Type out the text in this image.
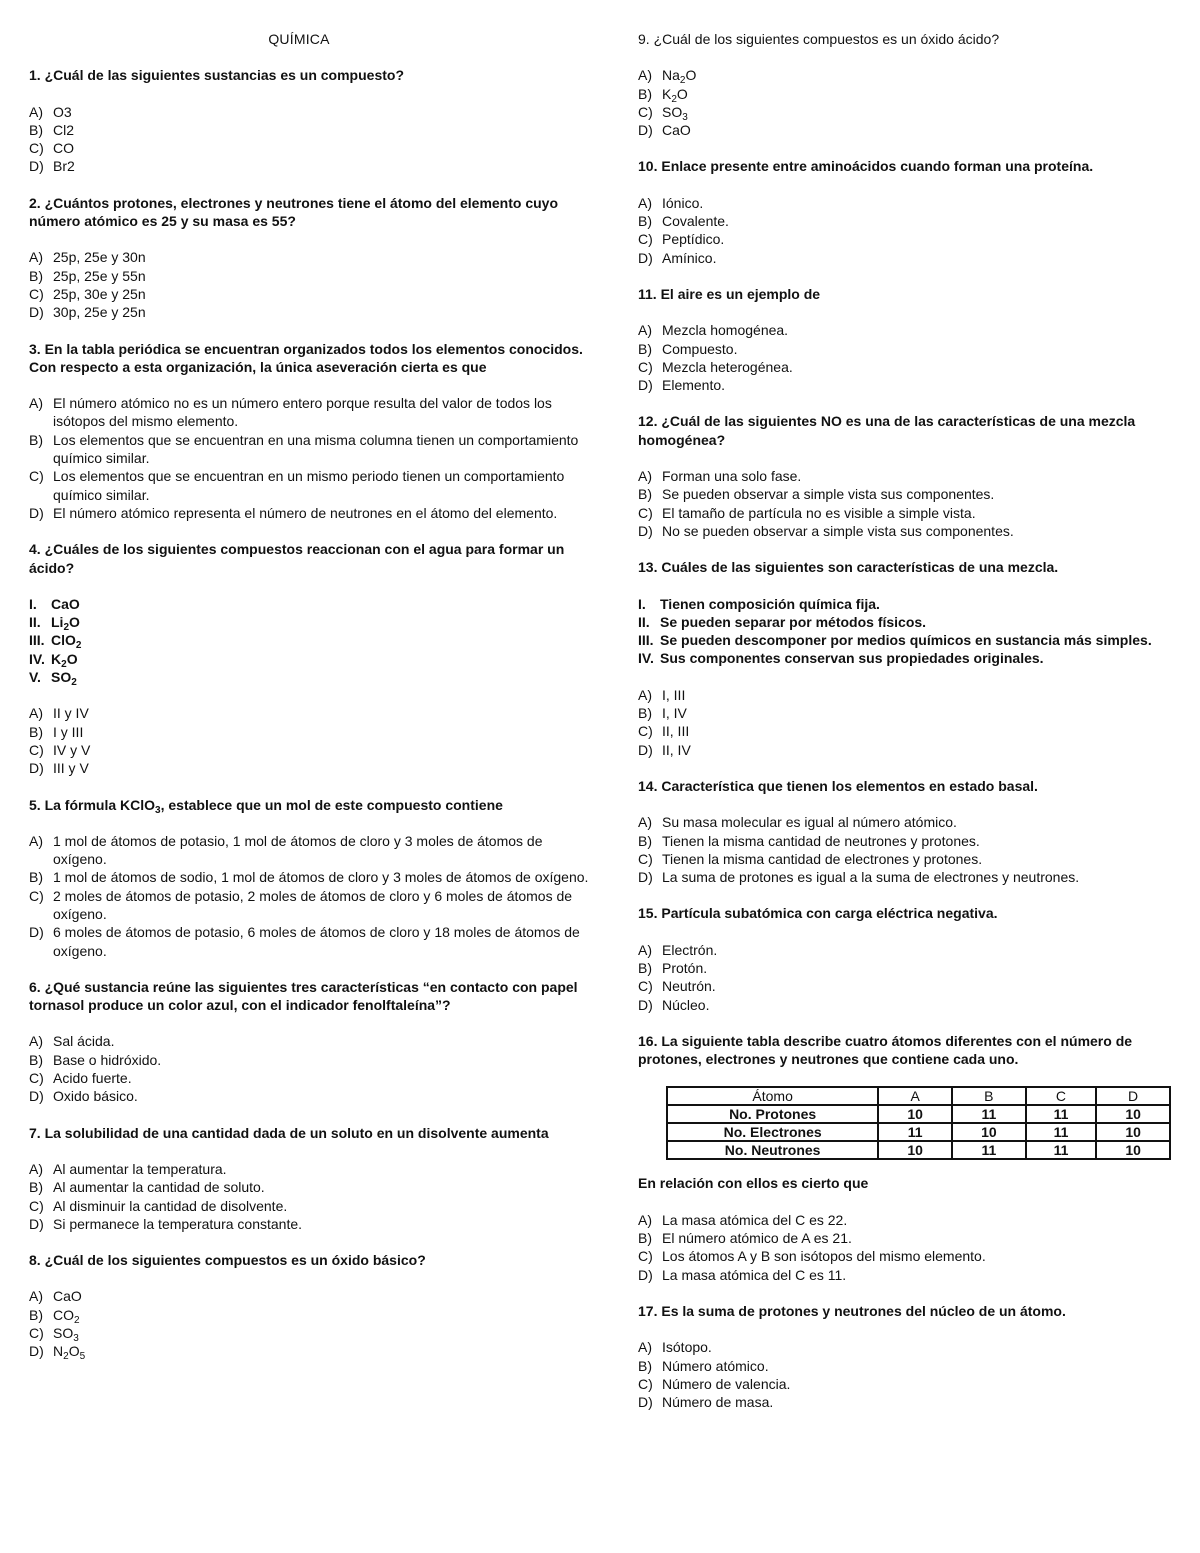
QUÍMICA
1. ¿Cuál de las siguientes sustancias es un compuesto?
A) O3
B) Cl2
C) CO
D) Br2
2. ¿Cuántos protones, electrones y neutrones tiene el átomo del elemento cuyo número atómico es 25 y su masa es 55?
A) 25p, 25e y 30n
B) 25p, 25e y 55n
C) 25p, 30e y 25n
D) 30p, 25e y 25n
3. En la tabla periódica se encuentran organizados todos los elementos conocidos. Con respecto a esta organización, la única aseveración cierta es que
A) El número atómico no es un número entero porque resulta del valor de todos los isótopos del mismo elemento.
B) Los elementos que se encuentran en una misma columna tienen un comportamiento químico similar.
C) Los elementos que se encuentran en un mismo periodo tienen un comportamiento químico similar.
D) El número atómico representa el número de neutrones en el átomo del elemento.
4. ¿Cuáles de los siguientes compuestos reaccionan con el agua para formar un ácido?
I. CaO
II. $Li_2O$
III. ClO$_2$
IV. $K_2O$
V. $SO_2$
A) II y IV
B) I y III
C) IV y V
D) III y V
5. La fórmula KClO$_3$, establece que un mol de este compuesto contiene
A) 1 mol de átomos de potasio, 1 mol de átomos de cloro y 3 moles de átomos de oxígeno.
B) 1 mol de átomos de sodio, 1 mol de átomos de cloro y 3 moles de átomos de oxígeno.
C) 2 moles de átomos de potasio, 2 moles de átomos de cloro y 6 moles de átomos de oxígeno.
D) 6 moles de átomos de potasio, 6 moles de átomos de cloro y 18 moles de átomos de oxígeno.
6. ¿Qué sustancia reúne las siguientes tres características “en contacto con papel tornasol produce un color azul, con el indicador fenolftaleína”?
A) Sal ácida.
B) Base o hidróxido.
C) Acido fuerte.
D) Oxido básico.
7. La solubilidad de una cantidad dada de un soluto en un disolvente aumenta
A) Al aumentar la temperatura.
B) Al aumentar la cantidad de soluto.
C) Al disminuir la cantidad de disolvente.
D) Si permanece la temperatura constante.
8. ¿Cuál de los siguientes compuestos es un óxido básico?
A) CaO
B) $CO_2$
C) $SO_3$
D) $N_2O_5$
9. ¿Cuál de los siguientes compuestos es un óxido ácido?
A) $Na_2O$
B) $K_2O$
C) $SO_3$
D) CaO
10. Enlace presente entre aminoácidos cuando forman una proteína.
A) Iónico.
B) Covalente.
C) Peptídico.
D) Amínico.
11. El aire es un ejemplo de
A) Mezcla homogénea.
B) Compuesto.
C) Mezcla heterogénea.
D) Elemento.
12. ¿Cuál de las siguientes NO es una de las características de una mezcla homogénea?
A) Forman una solo fase.
B) Se pueden observar a simple vista sus componentes.
C) El tamaño de partícula no es visible a simple vista.
D) No se pueden observar a simple vista sus componentes.
13. Cuáles de las siguientes son características de una mezcla.
I. Tienen composición química fija.
II. Se pueden separar por métodos físicos.
III. Se pueden descomponer por medios químicos en sustancia más simples.
IV. Sus componentes conservan sus propiedades originales.
A) I, III
B) I, IV
C) II, III
D) II, IV
14. Característica que tienen los elementos en estado basal.
A) Su masa molecular es igual al número atómico.
B) Tienen la misma cantidad de neutrones y protones.
C) Tienen la misma cantidad de electrones y protones.
D) La suma de protones es igual a la suma de electrones y neutrones.
15. Partícula subatómica con carga eléctrica negativa.
A) Electrón.
B) Protón.
C) Neutrón.
D) Núcleo.
16. La siguiente tabla describe cuatro átomos diferentes con el número de protones, electrones y neutrones que contiene cada uno.
Átomo	A	B	C	D
No. Protones	10	11	11	10
No. Electrones	11	10	11	10
No. Neutrones	10	11	11	10
En relación con ellos es cierto que
A) La masa atómica del C es 22.
B) El número atómico de A es 21.
C) Los átomos A y B son isótopos del mismo elemento.
D) La masa atómica del C es 11.
17. Es la suma de protones y neutrones del núcleo de un átomo.
A) Isótopo.
B) Número atómico.
C) Número de valencia.
D) Número de masa.
